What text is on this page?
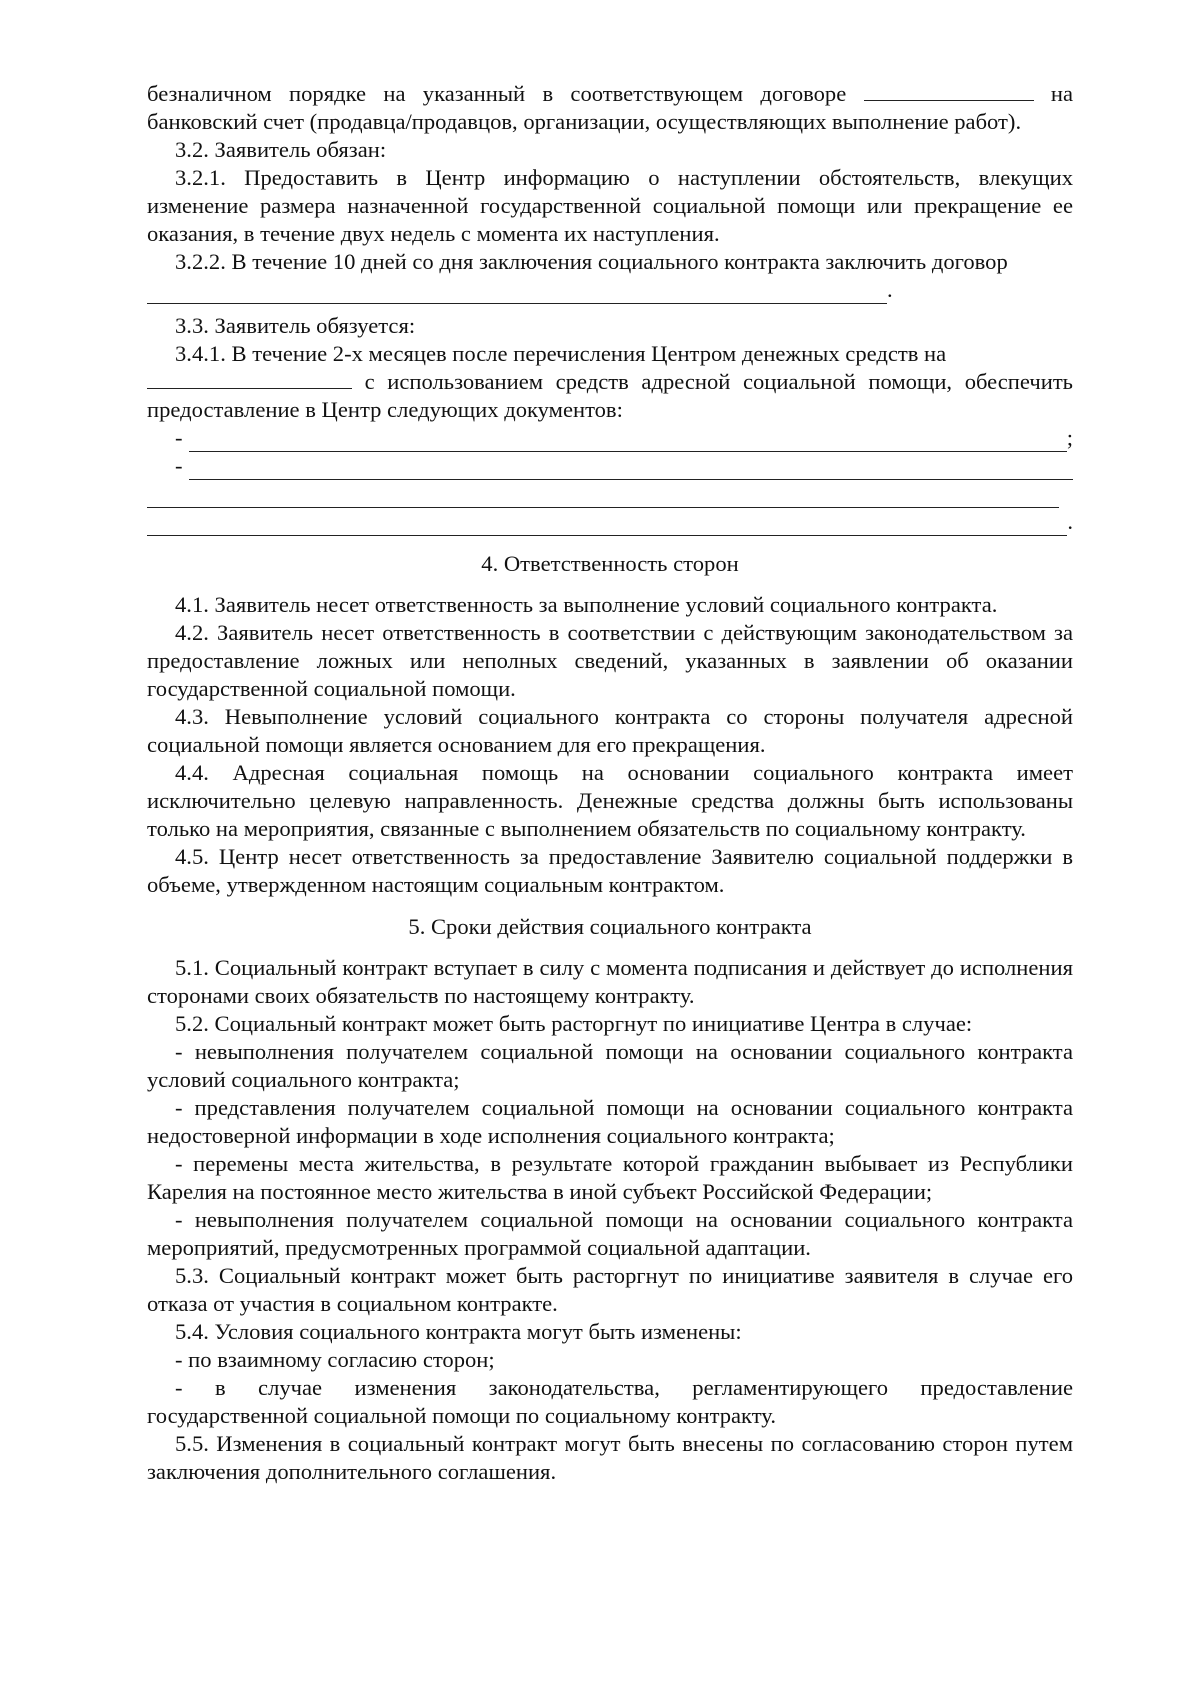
безналичном порядке на указанный в соответствующем договоре	на банковский счет (продавца/продавцов, организации, осуществляющих выполнение работ).

3.2. Заявитель обязан:

3.2.1. Предоставить в Центр информацию о наступлении обстоятельств, влекущих изменение размера назначенной государственной социальной помощи или прекращение ее оказания, в течение двух недель с момента их наступления.

3.2.2. В течение 10 дней со дня заключения социального контракта заключить договор

.

3.3. Заявитель обязуется:

3.4.1. В течение 2-х месяцев после перечисления Центром денежных средств на

с использованием средств адресной социальной помощи, обеспечить предоставление в Центр следующих документов:

-	;
-
.

4. Ответственность сторон

4.1. Заявитель несет ответственность за выполнение условий социального контракта.

4.2. Заявитель несет ответственность в соответствии с действующим законодательством за предоставление ложных или неполных сведений, указанных в заявлении об оказании государственной социальной помощи.

4.3. Невыполнение условий социального контракта со стороны получателя адресной социальной помощи является основанием для его прекращения.

4.4. Адресная социальная помощь на основании социального контракта имеет исключительно целевую направленность. Денежные средства должны быть использованы только на мероприятия, связанные с выполнением обязательств по социальному контракту.

4.5. Центр несет ответственность за предоставление Заявителю социальной поддержки в объеме, утвержденном настоящим социальным контрактом.

5. Сроки действия социального контракта

5.1. Социальный контракт вступает в силу с момента подписания и действует до исполнения сторонами своих обязательств по настоящему контракту.

5.2. Социальный контракт может быть расторгнут по инициативе Центра в случае:

- невыполнения получателем социальной помощи на основании социального контракта условий социального контракта;

- представления получателем социальной помощи на основании социального контракта недостоверной информации в ходе исполнения социального контракта;

- перемены места жительства, в результате которой гражданин выбывает из Республики Карелия на постоянное место жительства в иной субъект Российской Федерации;

- невыполнения получателем социальной помощи на основании социального контракта мероприятий, предусмотренных программой социальной адаптации.

5.3. Социальный контракт может быть расторгнут по инициативе заявителя в случае его отказа от участия в социальном контракте.

5.4. Условия социального контракта могут быть изменены:

- по взаимному согласию сторон;

- в случае изменения законодательства, регламентирующего предоставление государственной социальной помощи по социальному контракту.

5.5. Изменения в социальный контракт могут быть внесены по согласованию сторон путем заключения дополнительного соглашения.
